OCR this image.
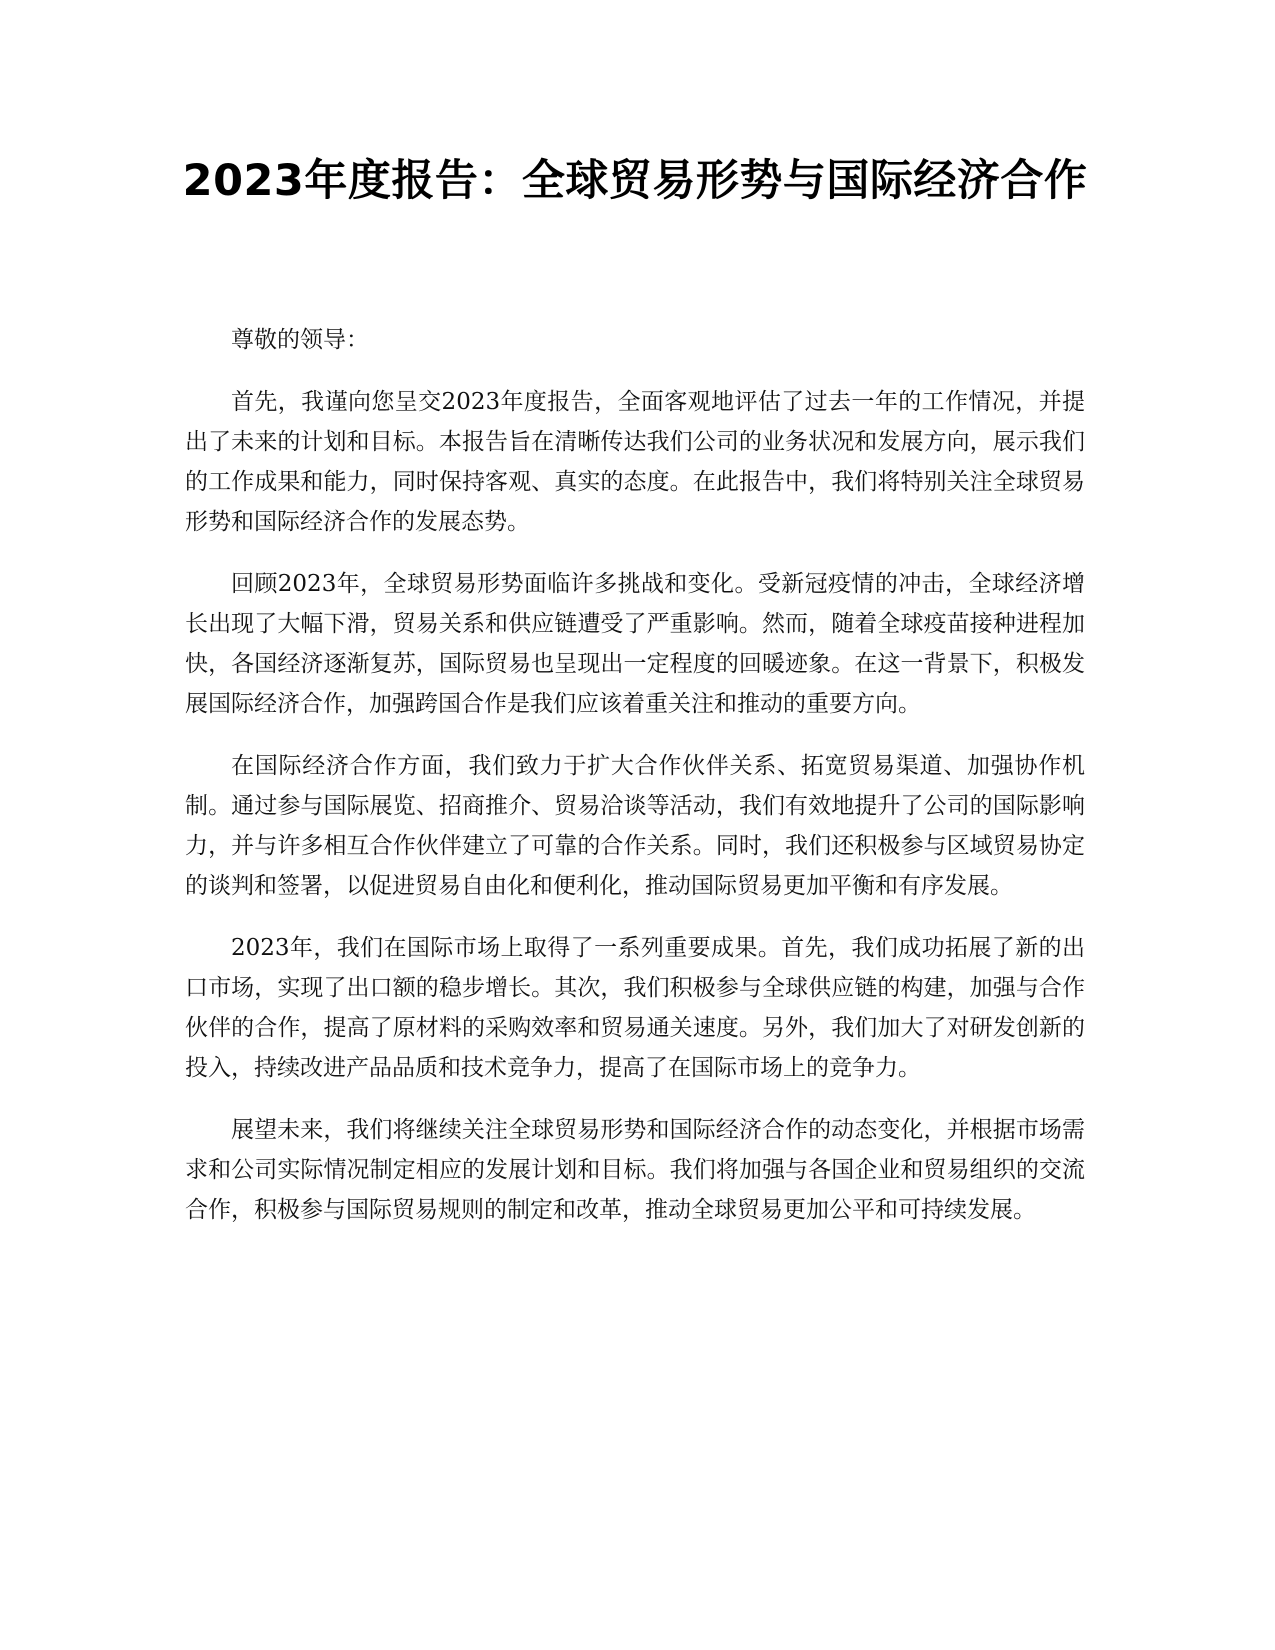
2023年度报告：全球贸易形势与国际经济合作

尊敬的领导：

首先，我谨向您呈交2023年度报告，全面客观地评估了过去一年的工作情况，并提出了未来的计划和目标。本报告旨在清晰传达我们公司的业务状况和发展方向，展示我们的工作成果和能力，同时保持客观、真实的态度。在此报告中，我们将特别关注全球贸易形势和国际经济合作的发展态势。

回顾2023年，全球贸易形势面临许多挑战和变化。受新冠疫情的冲击，全球经济增长出现了大幅下滑，贸易关系和供应链遭受了严重影响。然而，随着全球疫苗接种进程加快，各国经济逐渐复苏，国际贸易也呈现出一定程度的回暖迹象。在这一背景下，积极发展国际经济合作，加强跨国合作是我们应该着重关注和推动的重要方向。

在国际经济合作方面，我们致力于扩大合作伙伴关系、拓宽贸易渠道、加强协作机制。通过参与国际展览、招商推介、贸易洽谈等活动，我们有效地提升了公司的国际影响力，并与许多相互合作伙伴建立了可靠的合作关系。同时，我们还积极参与区域贸易协定的谈判和签署，以促进贸易自由化和便利化，推动国际贸易更加平衡和有序发展。

2023年，我们在国际市场上取得了一系列重要成果。首先，我们成功拓展了新的出口市场，实现了出口额的稳步增长。其次，我们积极参与全球供应链的构建，加强与合作伙伴的合作，提高了原材料的采购效率和贸易通关速度。另外，我们加大了对研发创新的投入，持续改进产品品质和技术竞争力，提高了在国际市场上的竞争力。

展望未来，我们将继续关注全球贸易形势和国际经济合作的动态变化，并根据市场需求和公司实际情况制定相应的发展计划和目标。我们将加强与各国企业和贸易组织的交流合作，积极参与国际贸易规则的制定和改革，推动全球贸易更加公平和可持续发展。
